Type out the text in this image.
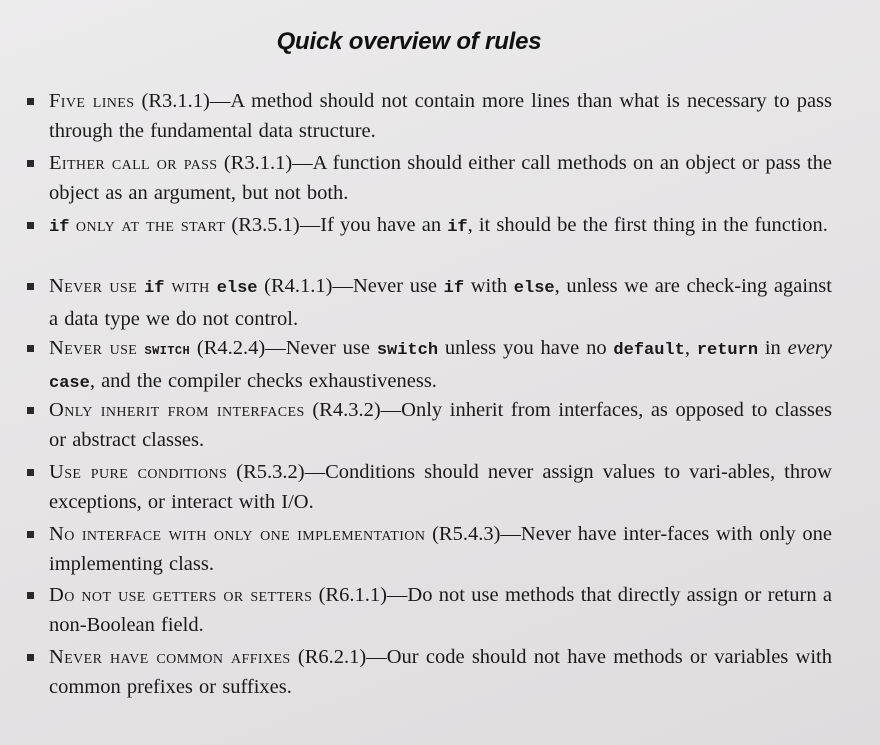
Quick overview of rules
Five lines (R3.1.1)—A method should not contain more lines than what is necessary to pass through the fundamental data structure.
Either call or pass (R3.1.1)—A function should either call methods on an object or pass the object as an argument, but not both.
if only at the start (R3.5.1)—If you have an if, it should be the first thing in the function.
Never use if with else (R4.1.1)—Never use if with else, unless we are check-ing against a data type we do not control.
Never use switch (R4.2.4)—Never use switch unless you have no default, return in every case, and the compiler checks exhaustiveness.
Only inherit from interfaces (R4.3.2)—Only inherit from interfaces, as opposed to classes or abstract classes.
Use pure conditions (R5.3.2)—Conditions should never assign values to vari-ables, throw exceptions, or interact with I/O.
No interface with only one implementation (R5.4.3)—Never have inter-faces with only one implementing class.
Do not use getters or setters (R6.1.1)—Do not use methods that directly assign or return a non-Boolean field.
Never have common affixes (R6.2.1)—Our code should not have methods or variables with common prefixes or suffixes.
